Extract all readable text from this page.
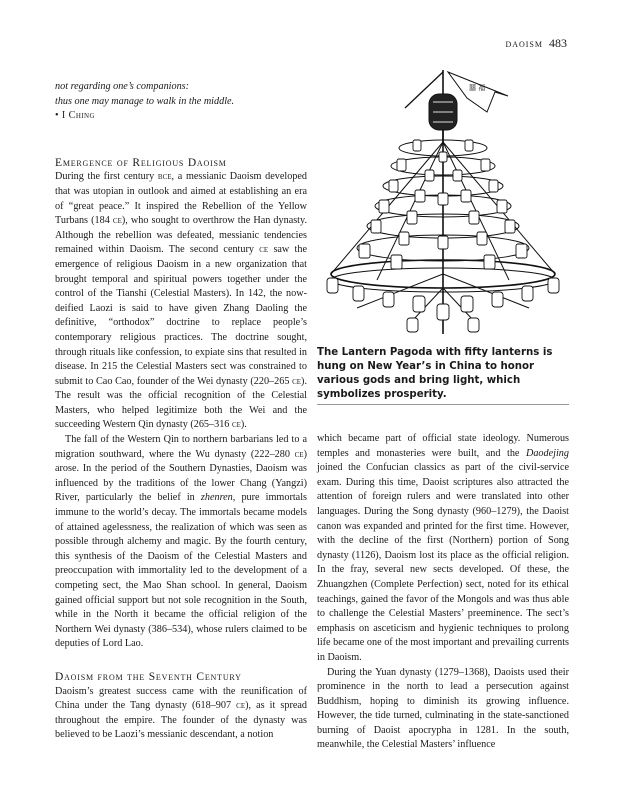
daoism 483

not regarding one’s companions:

thus one may manage to walk in the middle.

• I Ching

Emergence of Religious Daoism

During the first century bce, a messianic Daoism developed that was utopian in outlook and aimed at establishing an era of “great peace.” It inspired the Rebellion of the Yellow Turbans (184 ce), who sought to overthrow the Han dynasty. Although the rebellion was defeated, messianic tendencies remained within Daoism. The second century ce saw the emergence of religious Daoism in a new organization that brought temporal and spiritual powers together under the control of the Tianshi (Celestial Masters). In 142, the now-deified Laozi is said to have given Zhang Daoling the definitive, “orthodox” doctrine to replace people’s contemporary religious practices. The doctrine sought, through rituals like confession, to expiate sins that resulted in disease. In 215 the Celestial Masters sect was constrained to submit to Cao Cao, founder of the Wei dynasty (220–265 ce). The result was the official recognition of the Celestial Masters, who helped legitimize both the Wei and the succeeding Western Qin dynasty (265–316 ce).

The fall of the Western Qin to northern barbarians led to a migration southward, where the Wu dynasty (222–280 ce) arose. In the period of the Southern Dynasties, Daoism was influenced by the traditions of the lower Chang (Yangzi) River, particularly the belief in zhenren, pure immortals immune to the world’s decay. The immortals became models of attained agelessness, the realization of which was seen as possible through alchemy and magic. By the fourth century, this synthesis of the Daoism of the Celestial Masters and preoccupation with immortality led to the development of a competing sect, the Mao Shan school. In general, Daoism gained official support but not sole recognition in the South, while in the North it became the official religion of the Northern Wei dynasty (386–534), whose rulers claimed to be deputies of Lord Lao.

Daoism from the Seventh Century

Daoism’s greatest success came with the reunification of China under the Tang dynasty (618–907 ce), as it spread throughout the empire. The founder of the dynasty was believed to be Laozi’s messianic descendant, a notion

囍 福
The Lantern Pagoda with fifty lanterns is hung on New Year’s in China to honor various gods and bring light, which symbolizes prosperity.

which became part of official state ideology. Numerous temples and monasteries were built, and the Daodejing joined the Confucian classics as part of the civil-service exam. During this time, Daoist scriptures also attracted the attention of foreign rulers and were translated into other languages. During the Song dynasty (960–1279), the Daoist canon was expanded and printed for the first time. However, with the decline of the first (Northern) portion of Song dynasty (1126), Daoism lost its place as the official religion. In the fray, several new sects developed. Of these, the Zhuangzhen (Complete Perfection) sect, noted for its ethical teachings, gained the favor of the Mongols and was thus able to challenge the Celestial Masters’ preeminence. The sect’s emphasis on asceticism and hygienic techniques to prolong life became one of the most important and prevailing currents in Daoism.

During the Yuan dynasty (1279–1368), Daoists used their prominence in the north to lead a persecution against Buddhism, hoping to diminish its growing influence. However, the tide turned, culminating in the state-sanctioned burning of Daoist apocrypha in 1281. In the south, meanwhile, the Celestial Masters’ influence
